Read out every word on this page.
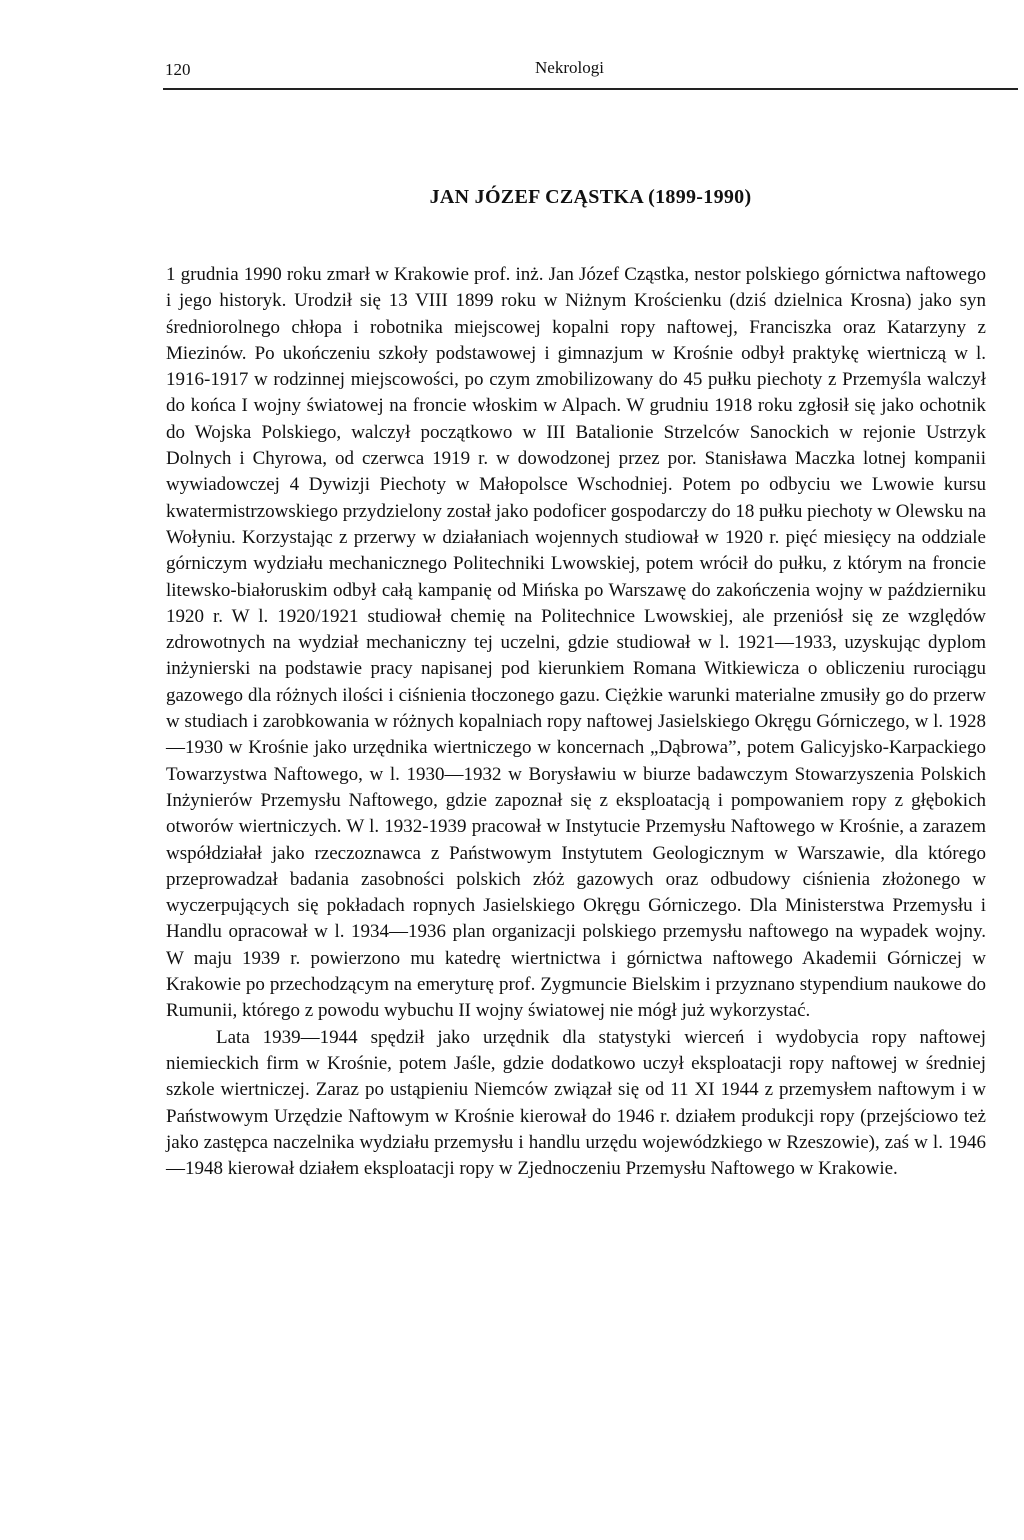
120	Nekrologi
JAN JÓZEF CZĄSTKA (1899-1990)

1 grudnia 1990 roku zmarł w Krakowie prof. inż. Jan Józef Cząstka, nestor polskiego górnictwa naftowego i jego historyk. Urodził się 13 VIII 1899 roku w Niżnym Krościenku (dziś dzielnica Krosna) jako syn średniorolnego chłopa i robotnika miejscowej kopalni ropy naftowej, Franciszka oraz Katarzyny z Miezinów. Po ukończeniu szkoły podstawowej i gimnazjum w Krośnie odbył praktykę wiertniczą w l. 1916-1917 w rodzinnej miejscowości, po czym zmobilizowany do 45 pułku piechoty z Przemyśla walczył do końca I wojny światowej na froncie włoskim w Alpach. W grudniu 1918 roku zgłosił się jako ochotnik do Wojska Polskiego, walczył początkowo w III Batalionie Strzelców Sanockich w rejonie Ustrzyk Dolnych i Chyrowa, od czerwca 1919 r. w dowodzonej przez por. Stanisława Maczka lotnej kompanii wywiadowczej 4 Dywizji Piechoty w Małopolsce Wschodniej. Potem po odbyciu we Lwowie kursu kwatermistrzowskiego przydzielony został jako podoficer gospodarczy do 18 pułku piechoty w Olewsku na Wołyniu. Korzystając z przerwy w działaniach wojennych studiował w 1920 r. pięć miesięcy na oddziale górniczym wydziału mechanicznego Politechniki Lwowskiej, potem wrócił do pułku, z którym na froncie litewsko-białoruskim odbył całą kampanię od Mińska po Warszawę do zakończenia wojny w październiku 1920 r. W l. 1920/1921 studiował chemię na Politechnice Lwowskiej, ale przeniósł się ze względów zdrowotnych na wydział mechaniczny tej uczelni, gdzie studiował w l. 1921—1933, uzyskując dyplom inżynierski na podstawie pracy napisanej pod kierunkiem Romana Witkiewicza o obliczeniu rurociągu gazowego dla różnych ilości i ciśnienia tłoczonego gazu. Ciężkie warunki materialne zmusiły go do przerw w studiach i zarobkowania w różnych kopalniach ropy naftowej Jasielskiego Okręgu Górniczego, w l. 1928—1930 w Krośnie jako urzędnika wiertniczego w koncernach „Dąbrowa”, potem Galicyjsko-Karpackiego Towarzystwa Naftowego, w l. 1930—1932 w Borysławiu w biurze badawczym Stowarzyszenia Polskich Inżynierów Przemysłu Naftowego, gdzie zapoznał się z eksploatacją i pompowaniem ropy z głębokich otworów wiertniczych. W l. 1932-1939 pracował w Instytucie Przemysłu Naftowego w Krośnie, a zarazem współdziałał jako rzeczoznawca z Państwowym Instytutem Geologicznym w Warszawie, dla którego przeprowadzał badania zasobności polskich złóż gazowych oraz odbudowy ciśnienia złożonego w wyczerpujących się pokładach ropnych Jasielskiego Okręgu Górniczego. Dla Ministerstwa Przemysłu i Handlu opracował w l. 1934—1936 plan organizacji polskiego przemysłu naftowego na wypadek wojny. W maju 1939 r. powierzono mu katedrę wiertnictwa i górnictwa naftowego Akademii Górniczej w Krakowie po przechodzącym na emeryturę prof. Zygmuncie Bielskim i przyznano stypendium naukowe do Rumunii, którego z powodu wybuchu II wojny światowej nie mógł już wykorzystać.

Lata 1939—1944 spędził jako urzędnik dla statystyki wierceń i wydobycia ropy naftowej niemieckich firm w Krośnie, potem Jaśle, gdzie dodatkowo uczył eksploatacji ropy naftowej w średniej szkole wiertniczej. Zaraz po ustąpieniu Niemców związał się od 11 XI 1944 z przemysłem naftowym i w Państwowym Urzędzie Naftowym w Krośnie kierował do 1946 r. działem produkcji ropy (przejściowo też jako zastępca naczelnika wydziału przemysłu i handlu urzędu wojewódzkiego w Rzeszowie), zaś w l. 1946—1948 kierował działem eksploatacji ropy w Zjednoczeniu Przemysłu Naftowego w Krakowie.
